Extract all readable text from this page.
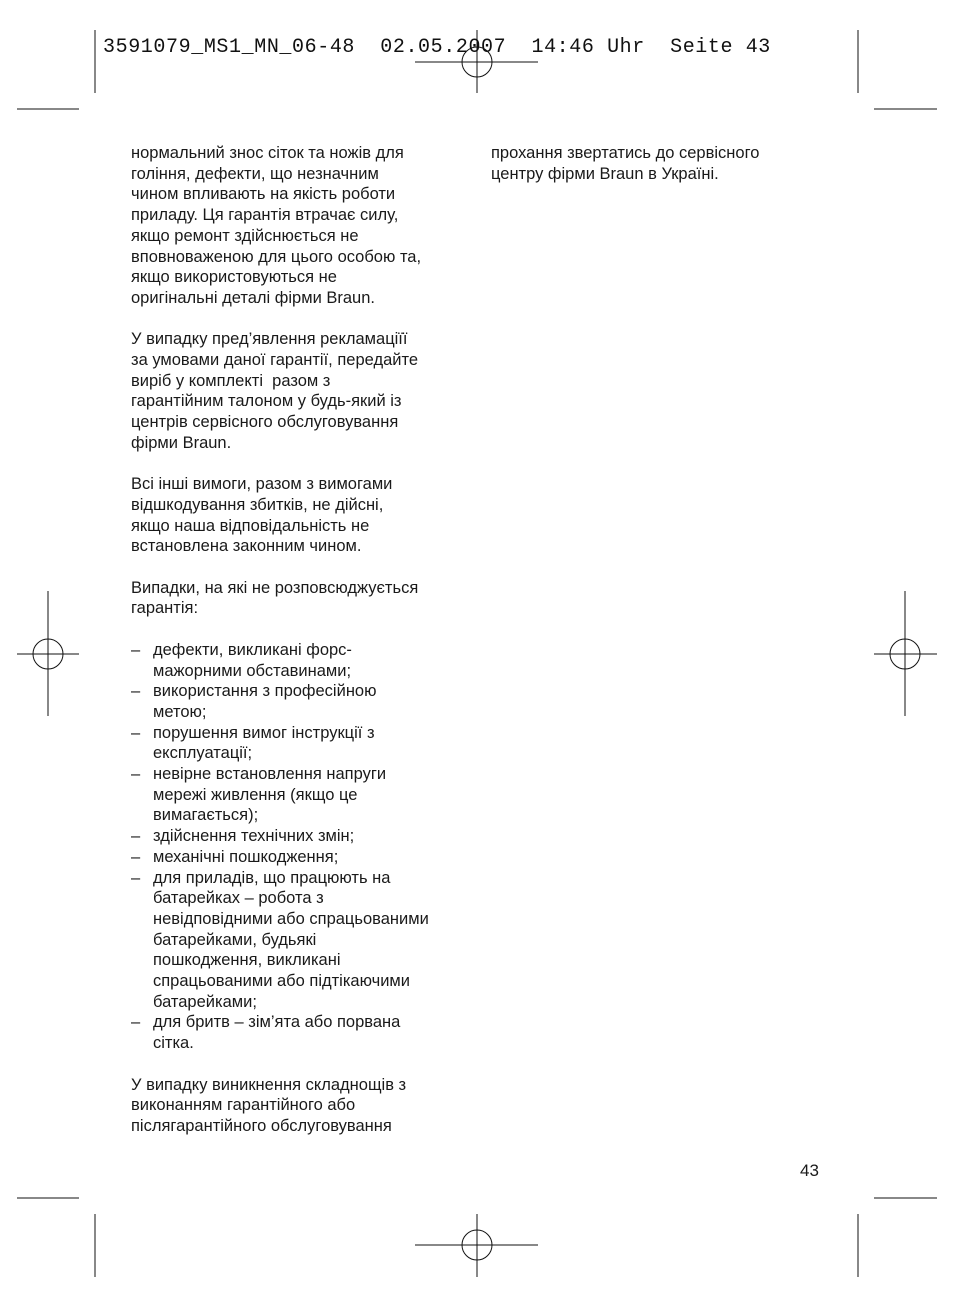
3591079_MS1_MN_06-48  02.05.2007  14:46 Uhr  Seite 43
нормальний знос сіток та ножів для
гоління, дефекти, що незначним
чином впливають на якість роботи
приладу. Ця гарантія втрачає силу,
якщо ремонт здійснюється не
вповноваженою для цього особою та,
якщо використовуються не
оригінальні деталі фірми Braun.
У випадку пред’явлення рекламаціїї
за умовами даної гарантії, передайте
виріб у комплекті  разом з
гарантійним талоном у будь-який із
центрів сервісного обслуговування
фірми Braun.
Всі інші вимоги, разом з вимогами
відшкодування збитків, не дійсні,
якщо наша відповідальність не
встановлена законним чином.
Випадки, на які не розповсюджується
гарантія:
– дефекти, викликані форс-
мажорними обставинами;
– використання з професійною
метою;
– порушення вимог інструкції з
експлуатації;
– невірне встановлення напруги
мережі живлення (якщо це
вимагається);
– здійснення технічних змін;
– механічні пошкодження;
– для приладів, що працюють на
батарейках – робота з
невідповідними або спрацьованими
батарейками, будьякі
пошкодження, викликані
спрацьованими або підтікаючими
батарейками;
– для бритв – зім’ята або порвана
сітка.
У випадку виникнення складнощів з
виконанням гарантійного або
післягарантійного обслуговування
прохання звертатись до сервісного
центру фірми Braun в Україні.
43
